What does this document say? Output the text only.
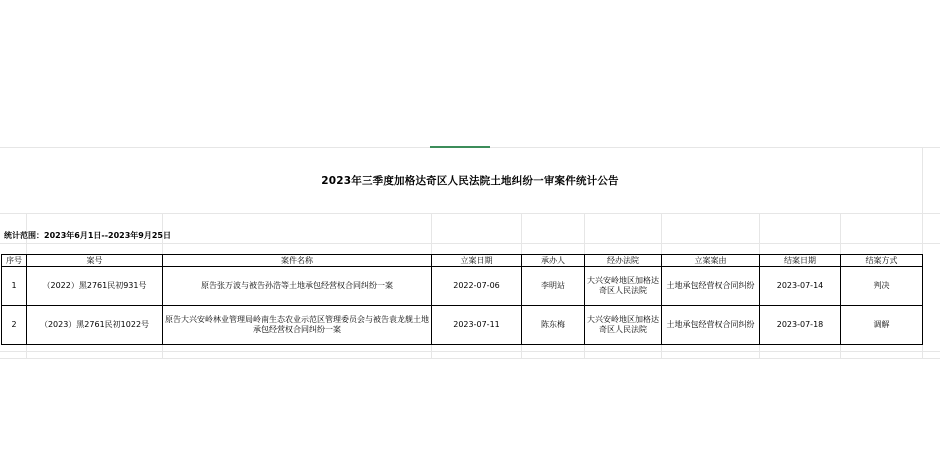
2023年三季度加格达奇区人民法院土地纠纷一审案件统计公告
统计范围：2023年6月1日--2023年9月25日
序号	案号	案件名称	立案日期	承办人	经办法院	立案案由	结案日期	结案方式
1	（2022）黑2761民初931号	原告张万波与被告孙浩等土地承包经营权合同纠纷一案	2022-07-06	李明站	大兴安岭地区加格达奇区人民法院	土地承包经营权合同纠纷	2023-07-14	判决
2	（2023）黑2761民初1022号	原告大兴安岭林业管理局岭南生态农业示范区管理委员会与被告袁龙舰土地承包经营权合同纠纷一案	2023-07-11	陈东梅	大兴安岭地区加格达奇区人民法院	土地承包经营权合同纠纷	2023-07-18	调解
